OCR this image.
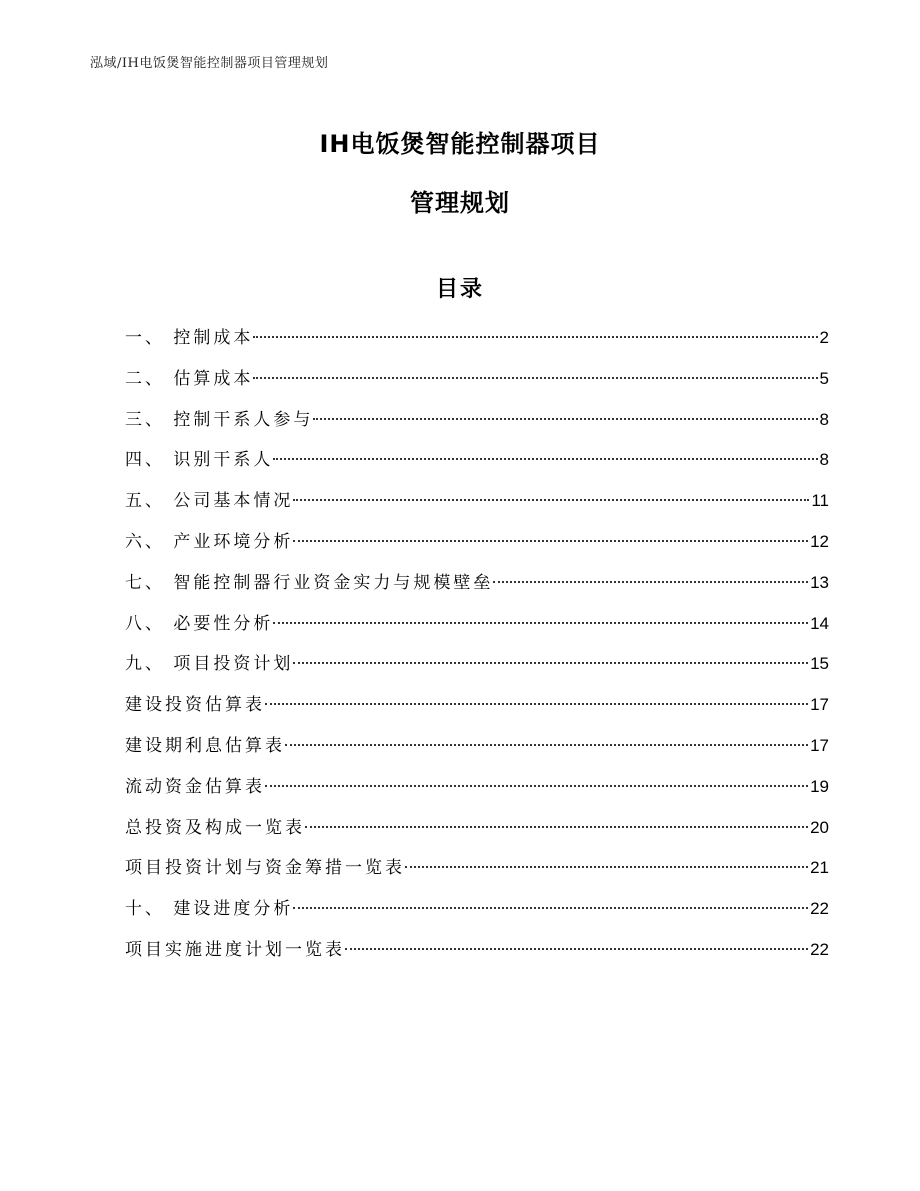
泓域/IH电饭煲智能控制器项目管理规划
IH电饭煲智能控制器项目
管理规划
目录
一、 控制成本	2
二、 估算成本	5
三、 控制干系人参与	8
四、 识别干系人	8
五、 公司基本情况	11
六、 产业环境分析	12
七、 智能控制器行业资金实力与规模壁垒	13
八、 必要性分析	14
九、 项目投资计划	15
建设投资估算表	17
建设期利息估算表	17
流动资金估算表	19
总投资及构成一览表	20
项目投资计划与资金筹措一览表	21
十、 建设进度分析	22
项目实施进度计划一览表	22
